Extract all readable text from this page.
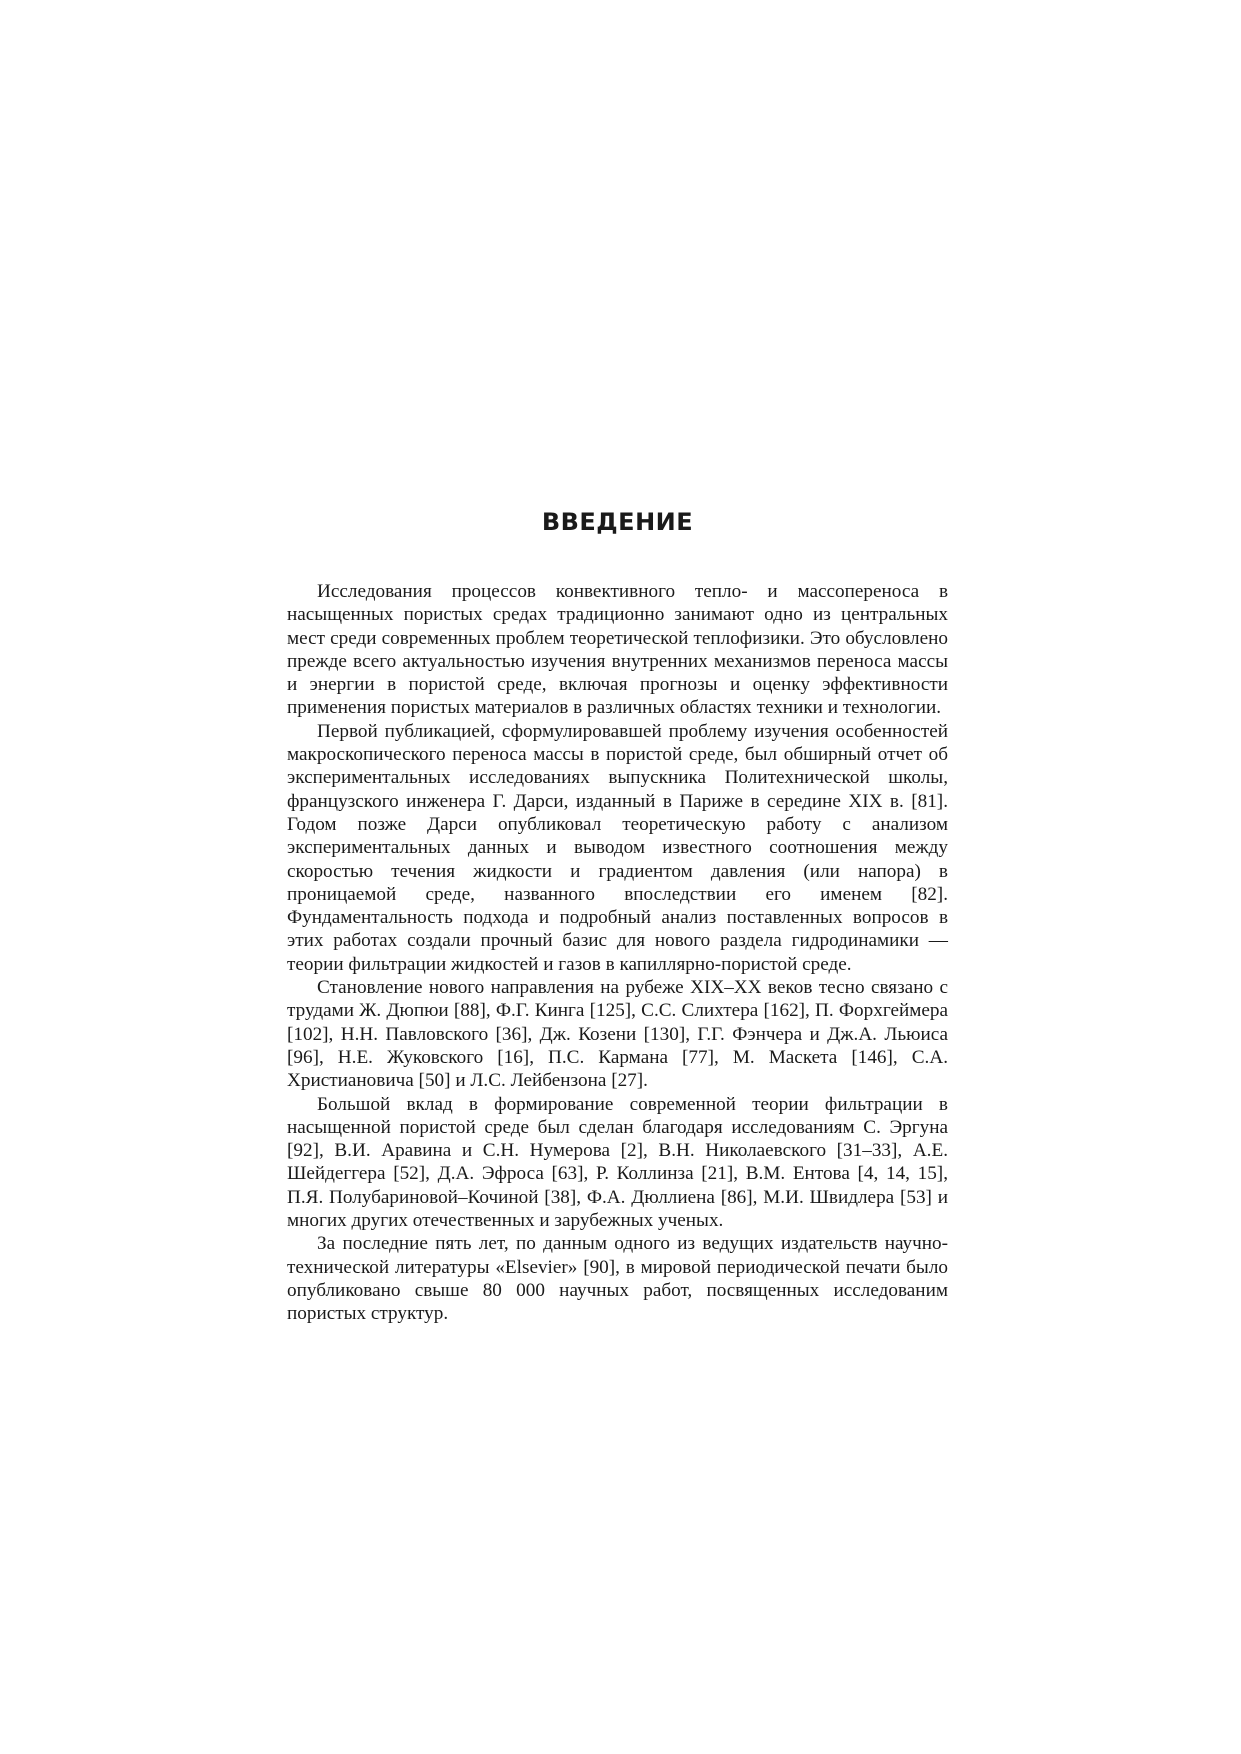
ВВЕДЕНИЕ

Исследования процессов конвективного тепло- и массопереноса в насыщенных пористых средах традиционно занимают одно из центральных мест среди современных проблем теоретической теплофизики. Это обусловлено прежде всего актуальностью изучения внутренних механизмов переноса массы и энергии в пористой среде, включая прогнозы и оценку эффективности применения пористых материалов в различных областях техники и технологии.

Первой публикацией, сформулировавшей проблему изучения особенностей макроскопического переноса массы в пористой среде, был обширный отчет об экспериментальных исследованиях выпускника Политехнической школы, французского инженера Г. Дарси, изданный в Париже в середине XIX в. [81]. Годом позже Дарси опубликовал теоретическую работу с анализом экспериментальных данных и выводом известного соотношения между скоростью течения жидкости и градиентом давления (или напора) в проницаемой среде, названного впоследствии его именем [82]. Фундаментальность подхода и подробный анализ поставленных вопросов в этих работах создали прочный базис для нового раздела гидродинамики — теории фильтрации жидкостей и газов в капиллярно-пористой среде.

Становление нового направления на рубеже XIX–XX веков тесно связано с трудами Ж. Дюпюи [88], Ф.Г. Кинга [125], С.С. Слихтера [162], П. Форхгеймера [102], Н.Н. Павловского [36], Дж. Козени [130], Г.Г. Фэнчера и Дж.А. Льюиса [96], Н.Е. Жуковского [16], П.С. Кармана [77], М. Маскета [146], С.А. Христиановича [50] и Л.С. Лейбензона [27].

Большой вклад в формирование современной теории фильтрации в насыщенной пористой среде был сделан благодаря исследованиям С. Эргуна [92], В.И. Аравина и С.Н. Нумерова [2], В.Н. Николаевского [31–33], А.Е. Шейдеггера [52], Д.А. Эфроса [63], Р. Коллинза [21], В.М. Ентова [4, 14, 15], П.Я. Полубариновой–Кочиной [38], Ф.А. Дюллиена [86], М.И. Швидлера [53] и многих других отечественных и зарубежных ученых.

За последние пять лет, по данным одного из ведущих издательств научно-технической литературы «Elsevier» [90], в мировой периодической печати было опубликовано свыше 80 000 научных работ, посвященных исследованим пористых структур.
